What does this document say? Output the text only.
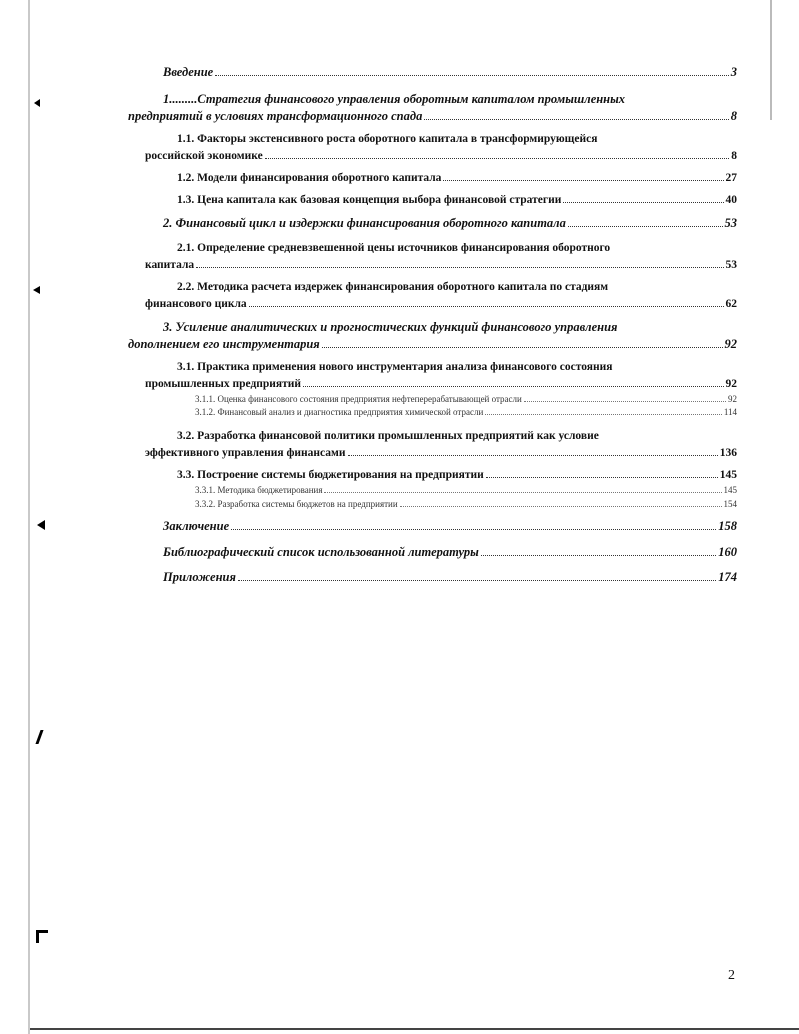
Введение	3
1.........Стратегия финансового управления оборотным капиталом промышленных
предприятий в условиях трансформационного спада	8
1.1. Факторы экстенсивного роста оборотного капитала в трансформирующейся
российской экономике	8
1.2. Модели финансирования оборотного капитала	27
1.3. Цена капитала как базовая концепция выбора финансовой стратегии	40
2. Финансовый цикл и издержки финансирования оборотного капитала	53
2.1. Определение средневзвешенной цены источников финансирования оборотного
капитала	53
2.2. Методика расчета издержек финансирования оборотного капитала по стадиям
финансового цикла	62
3. Усиление аналитических и прогностических функций финансового управления
дополнением его инструментария	92
3.1. Практика применения нового инструментария анализа финансового состояния
промышленных предприятий	92
3.1.1. Оценка финансового состояния предприятия нефтеперерабатывающей отрасли	92
3.1.2. Финансовый анализ и диагностика предприятия химической отрасли	114
3.2. Разработка финансовой политики промышленных предприятий как условие
эффективного управления финансами	136
3.3. Построение системы бюджетирования на предприятии	145
3.3.1. Методика бюджетирования	145
3.3.2. Разработка системы бюджетов на предприятии	154
Заключение	158
Библиографический список использованной литературы	160
Приложения	174
2
